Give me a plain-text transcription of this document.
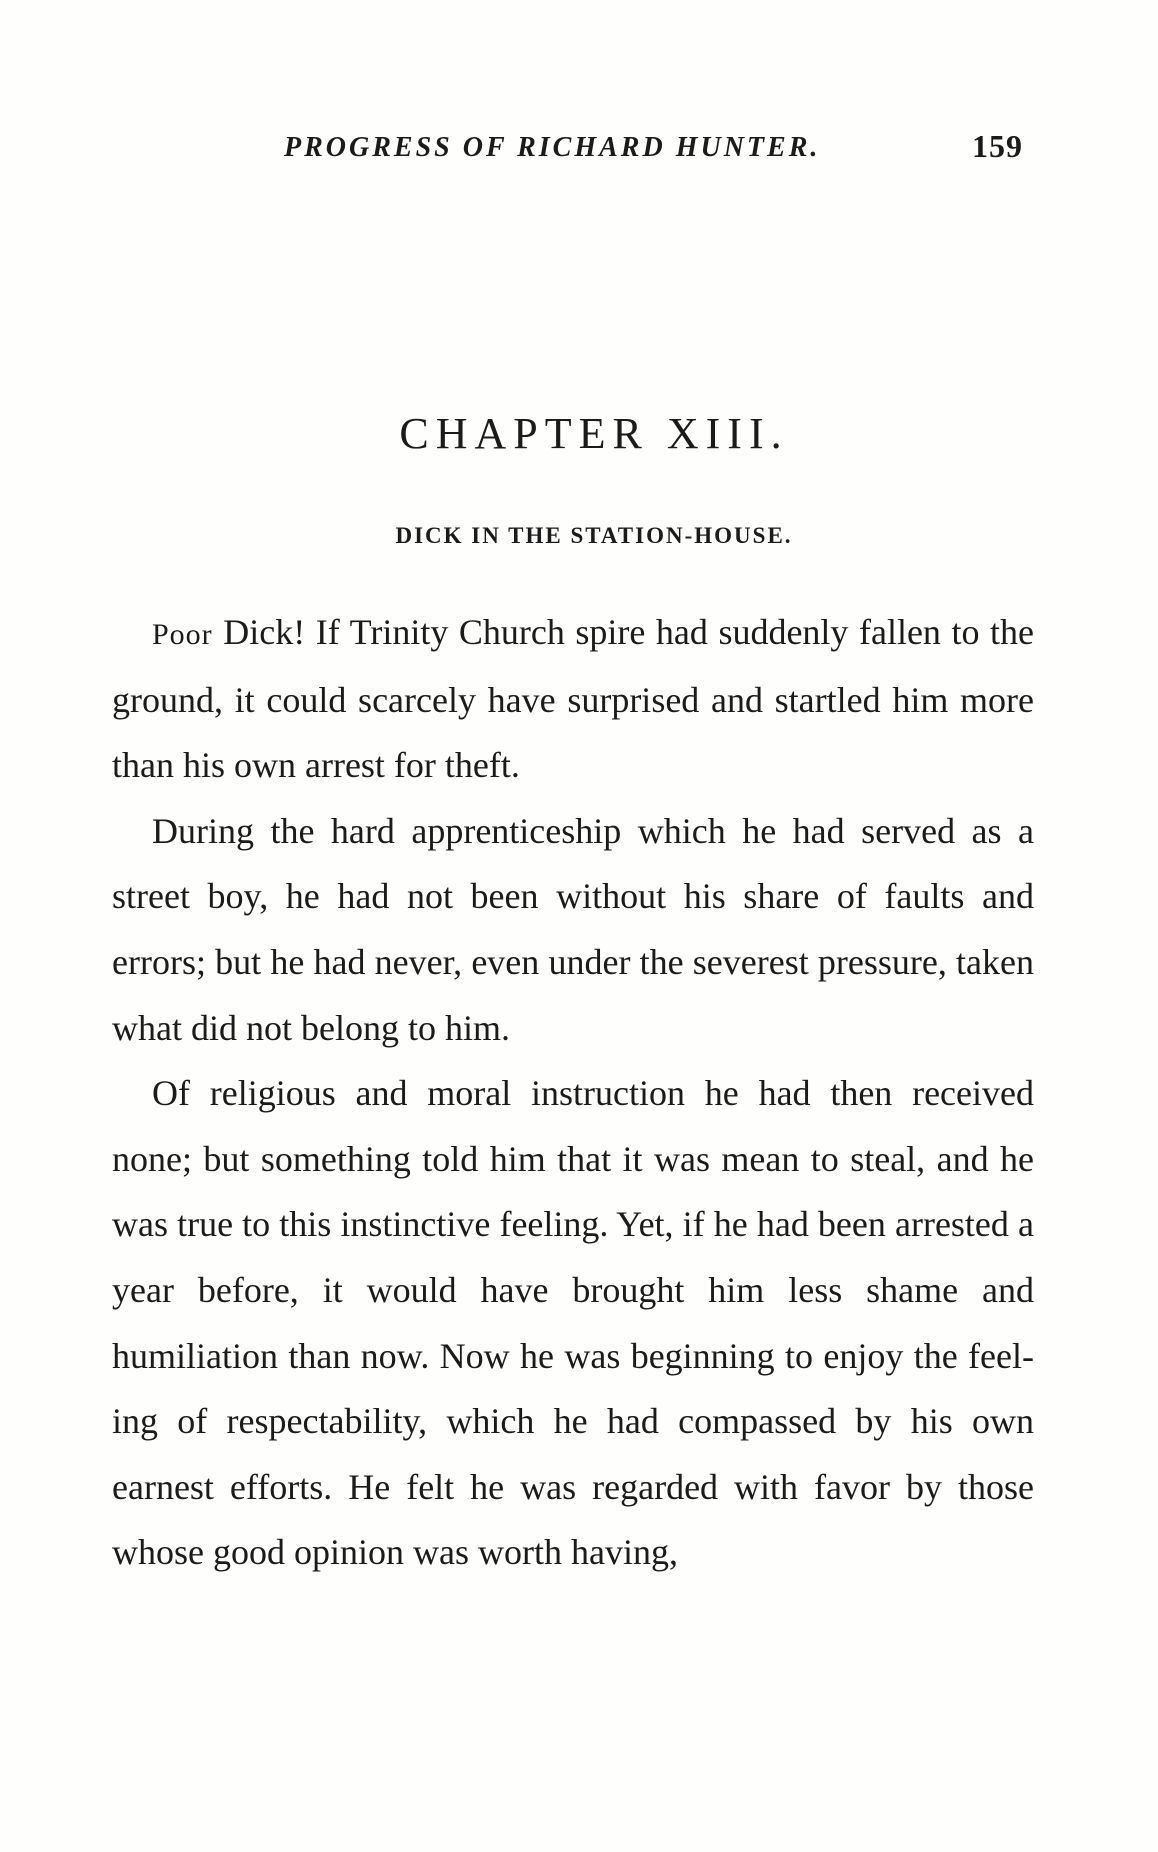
PROGRESS OF RICHARD HUNTER.	159
CHAPTER XIII.
DICK IN THE STATION-HOUSE.

Poor Dick! If Trinity Church spire had suddenly fallen to the ground, it could scarcely have surprised and startled him more than his own arrest for theft.

During the hard apprenticeship which he had served as a street boy, he had not been without his share of faults and errors; but he had never, even under the severest pressure, taken what did not belong to him.

Of religious and moral instruction he had then received none; but something told him that it was mean to steal, and he was true to this instinctive feeling. Yet, if he had been arrested a year before, it would have brought him less shame and humiliation than now. Now he was beginning to enjoy the feeling of respectability, which he had compassed by his own earnest efforts. He felt he was regarded with favor by those whose good opinion was worth having,
